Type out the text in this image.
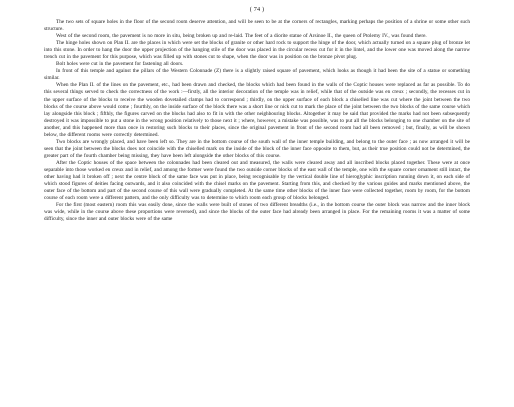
( 74 )

The two sets of square holes in the floor of the second room deserve attention, and will be seen to be at the corners of rectangles, marking perhaps the position of a shrine or some other such structure.

West of the second room, the pavement is no more in situ, being broken up and re-laid. The feet of a diorite statue of Arsinoe II., the queen of Ptolemy IV., was found there.

The hinge holes shown on Plan II. are the places in which were set the blocks of granite or other hard rock to support the hinge of the door, which actually turned on a square plug of bronze let into this stone. In order to hang the door the upper projection of the hanging stile of the door was placed in the circular recess cut for it in the lintel, and the lower one was moved along the narrow trench cut in the pavement for this purpose, which was filled up with stones cut to shape, when the door was in position on the bronze pivot plug.

Bolt holes were cut in the pavement for fastening all doors.

In front of this temple and against the pillars of the Western Colonnade (Z) there is a slightly raised square of pavement, which looks as though it had been the site of a statue or something similar.

When the Plan II. of the lines on the pavement, etc., had been drawn and checked, the blocks which had been found in the walls of the Coptic houses were replaced as far as possible. To do this several things served to check the correctness of the work :—firstly, all the interior decoration of the temple was in relief, while that of the outside was en creux ; secondly, the recesses cut in the upper surface of the blocks to receive the wooden dovetailed clamps had to correspond ; thirdly, on the upper surface of each block a chiselled line was cut where the joint between the two blocks of the course above would come ; fourthly, on the inside surface of the block there was a short line or nick cut to mark the place of the joint between the two blocks of the same course which lay alongside this block ; fifthly, the figures carved on the blocks had also to fit in with the other neighbouring blocks. Altogether it may be said that provided the marks had not been subsequently destroyed it was impossible to put a stone in the wrong position relatively to those next it ; where, however, a mistake was possible, was to put all the blocks belonging to one chamber on the site of another, and this happened more than once in restoring such blocks to their places, since the original pavement in front of the second room had all been removed ; but, finally, as will be shown below, the different rooms were correctly determined.

Two blocks are wrongly placed, and have been left so. They are in the bottom course of the south wall of the inner temple building, and belong to the outer face ; as now arranged it will be seen that the joint between the blocks does not coincide with the chiselled mark on the inside of the block of the inner face opposite to them, but, as their true position could not be determined, the greater part of the fourth chamber being missing, they have been left alongside the other blocks of this course.

After the Coptic houses of the space between the colonnades had been cleared out and measured, the walls were cleared away and all inscribed blocks placed together. These were at once separable into those worked en creux and in relief, and among the former were found the two outside corner blocks of the east wall of the temple, one with the square corner ornament still intact, the other having had it broken off ; next the centre block of the same face was put in place, being recognisable by the vertical double line of hieroglyphic inscription running down it, on each side of which stood figures of deities facing outwards, and it also coincided with the chisel marks on the pavement. Starting from this, and checked by the various guides and marks mentioned above, the outer face of the bottom and part of the second course of this wall were gradually completed. At the same time other blocks of the inner face were collected together, room by room, for the bottom course of each room were a different pattern, and the only difficulty was to determine to which room each group of blocks belonged.

For the first (most eastern) room this was easily done, since the walls were built of stones of two different breadths (i.e., in the bottom course the outer block was narrow and the inner block was wide, while in the course above these proportions were reversed), and since the blocks of the outer face had already been arranged in place. For the remaining rooms it was a matter of some difficulty, since the inner and outer blocks were of the same
